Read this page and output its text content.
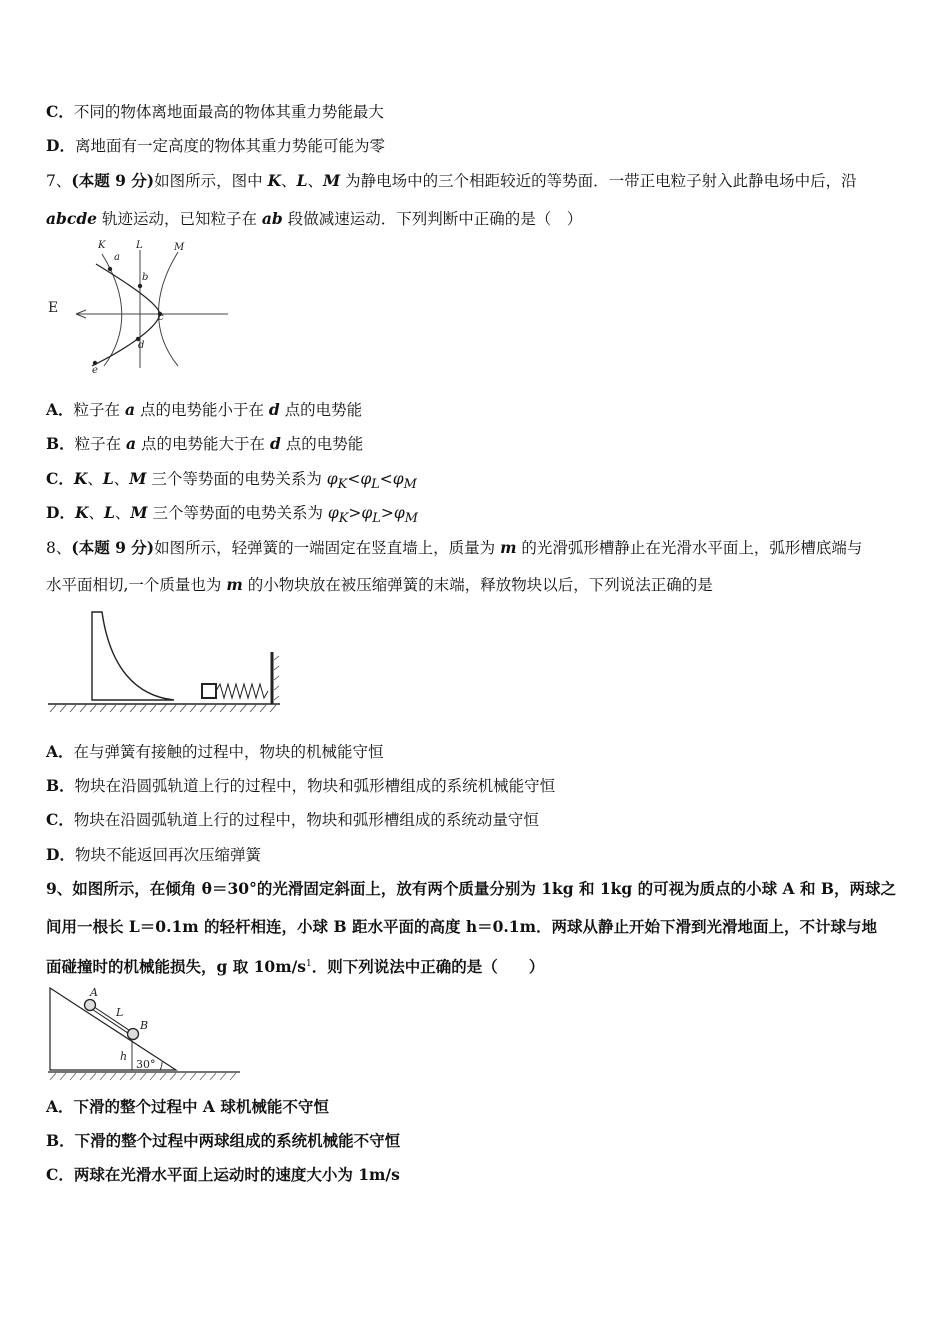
C．不同的物体离地面最高的物体其重力势能最大
D．离地面有一定高度的物体其重力势能可能为零
7、(本题 9 分)如图所示，图中 K、L、M 为静电场中的三个相距较近的等势面．一带正电粒子射入此静电场中后，沿
abcde 轨迹运动，已知粒子在 ab 段做减速运动．下列判断中正确的是（　）
K	L	M
a
b
c
d
e
E
A．粒子在 a 点的电势能小于在 d 点的电势能
B．粒子在 a 点的电势能大于在 d 点的电势能
C．K、L、M 三个等势面的电势关系为 $\varphi_K<\varphi_L<\varphi_M$
D．K、L、M 三个等势面的电势关系为 $\varphi_K>\varphi_L>\varphi_M$
8、(本题 9 分)如图所示，轻弹簧的一端固定在竖直墙上，质量为 m 的光滑弧形槽静止在光滑水平面上，弧形槽底端与
水平面相切,一个质量也为 m 的小物块放在被压缩弹簧的末端，释放物块以后，下列说法正确的是
A．在与弹簧有接触的过程中，物块的机械能守恒
B．物块在沿圆弧轨道上行的过程中，物块和弧形槽组成的系统机械能守恒
C．物块在沿圆弧轨道上行的过程中，物块和弧形槽组成的系统动量守恒
D．物块不能返回再次压缩弹簧
9、如图所示，在倾角 θ＝30°的光滑固定斜面上，放有两个质量分别为 1kg 和 1kg 的可视为质点的小球 A 和 B，两球之
间用一根长 L＝0.1m 的轻杆相连，小球 B 距水平面的高度 h＝0.1m．两球从静止开始下滑到光滑地面上，不计球与地
面碰撞时的机械能损失，g 取 $10m/s^1$．则下列说法中正确的是（　　）
A
L
B
h
30°
A．下滑的整个过程中 A 球机械能不守恒
B．下滑的整个过程中两球组成的系统机械能不守恒
C．两球在光滑水平面上运动时的速度大小为 1m/s
